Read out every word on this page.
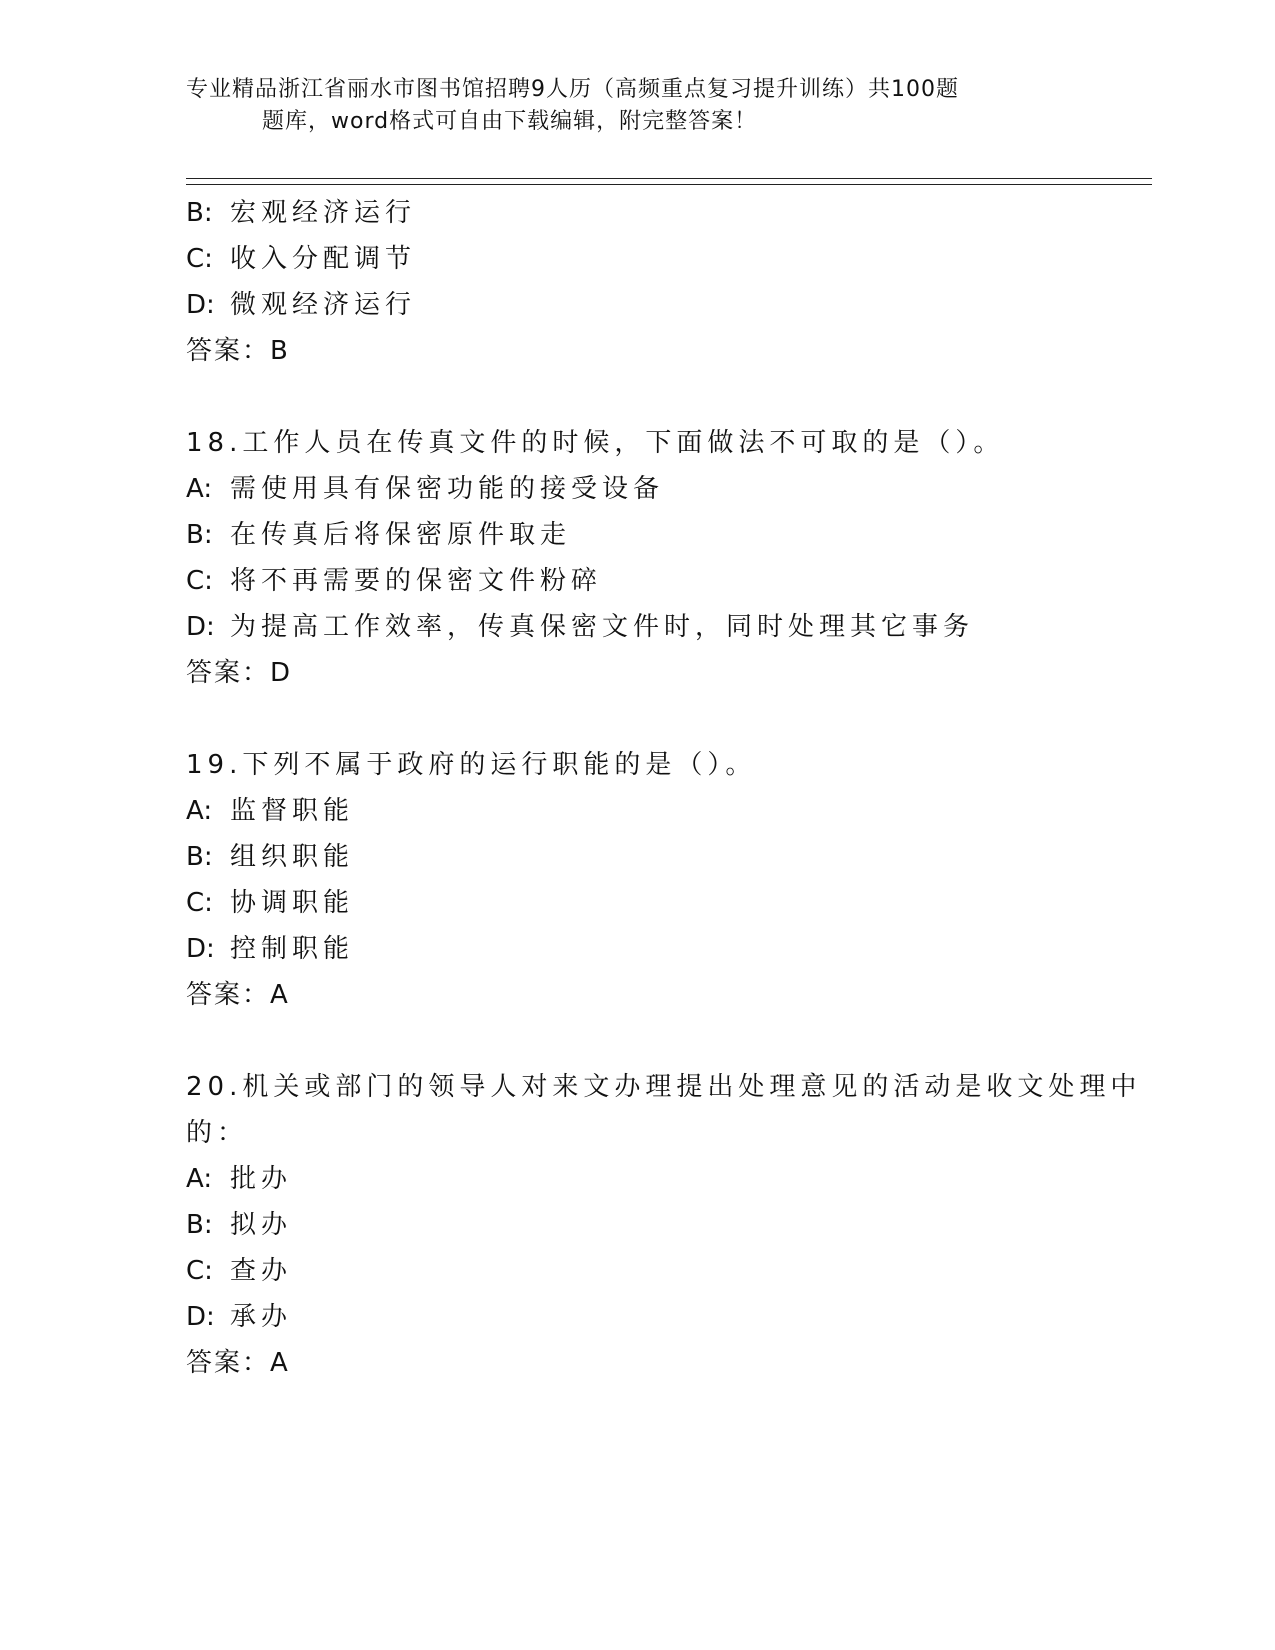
专业精品浙江省丽水市图书馆招聘9人历（高频重点复习提升训练）共100题
题库，word格式可自由下载编辑，附完整答案！
B: 宏观经济运行
C: 收入分配调节
D: 微观经济运行
答案：B
18.工作人员在传真文件的时候，下面做法不可取的是（）。
A: 需使用具有保密功能的接受设备
B: 在传真后将保密原件取走
C: 将不再需要的保密文件粉碎
D: 为提高工作效率，传真保密文件时，同时处理其它事务
答案：D
19.下列不属于政府的运行职能的是（）。
A: 监督职能
B: 组织职能
C: 协调职能
D: 控制职能
答案：A
20.机关或部门的领导人对来文办理提出处理意见的活动是收文处理中
的：
A: 批办
B: 拟办
C: 查办
D: 承办
答案：A
